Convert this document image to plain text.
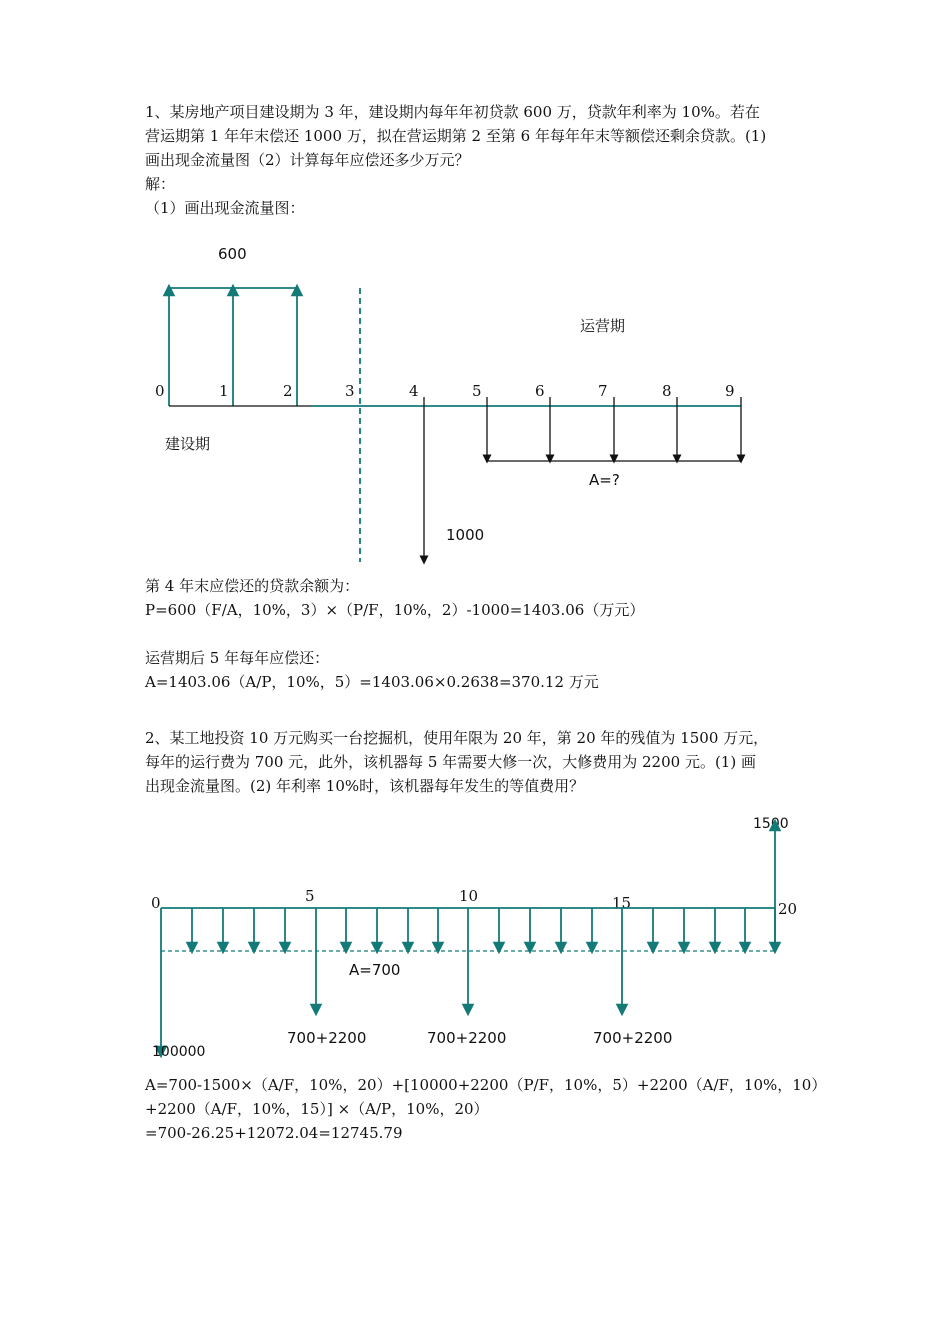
1、某房地产项目建设期为 3 年，建设期内每年年初贷款 600 万，贷款年利率为 10%。若在
营运期第 1 年年末偿还 1000 万，拟在营运期第 2 至第 6 年每年年末等额偿还剩余贷款。(1)
画出现金流量图（2）计算每年应偿还多少万元？
解：
（1）画出现金流量图：
600
运营期
0	1	2	3	4	5	6	7	8	9
建设期
1000
A=?
第 4 年末应偿还的贷款余额为：
P=600（F/A，10%，3）×（P/F，10%，2）-1000=1403.06（万元）

运营期后 5 年每年应偿还：
A=1403.06（A/P，10%，5）=1403.06×0.2638=370.12 万元
2、某工地投资 10 万元购买一台挖掘机，使用年限为 20 年，第 20 年的残值为 1500 万元，
每年的运行费为 700 元，此外，该机器每 5 年需要大修一次，大修费用为 2200 元。(1) 画
出现金流量图。(2) 年利率 10%时，该机器每年发生的等值费用？
1500
0	5	10	15	20
100000
A=700
700+2200	700+2200	700+2200
A=700-1500×（A/F，10%，20）+[10000+2200（P/F，10%，5）+2200（A/F，10%，10）
+2200（A/F，10%，15）] ×（A/P，10%，20）
=700-26.25+12072.04=12745.79
